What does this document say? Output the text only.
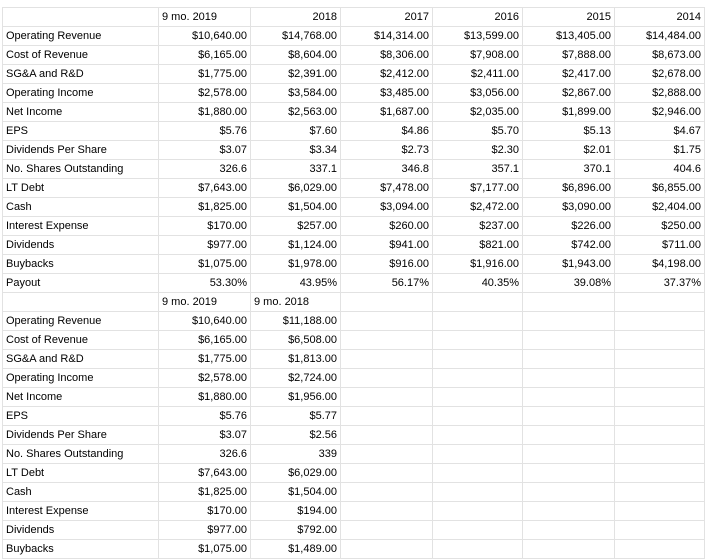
	9 mo. 2019	2018	2017	2016	2015	2014
Operating Revenue	$10,640.00	$14,768.00	$14,314.00	$13,599.00	$13,405.00	$14,484.00
Cost of Revenue	$6,165.00	$8,604.00	$8,306.00	$7,908.00	$7,888.00	$8,673.00
SG&A and R&D	$1,775.00	$2,391.00	$2,412.00	$2,411.00	$2,417.00	$2,678.00
Operating Income	$2,578.00	$3,584.00	$3,485.00	$3,056.00	$2,867.00	$2,888.00
Net Income	$1,880.00	$2,563.00	$1,687.00	$2,035.00	$1,899.00	$2,946.00
EPS	$5.76	$7.60	$4.86	$5.70	$5.13	$4.67
Dividends Per Share	$3.07	$3.34	$2.73	$2.30	$2.01	$1.75
No. Shares Outstanding	326.6	337.1	346.8	357.1	370.1	404.6
LT Debt	$7,643.00	$6,029.00	$7,478.00	$7,177.00	$6,896.00	$6,855.00
Cash	$1,825.00	$1,504.00	$3,094.00	$2,472.00	$3,090.00	$2,404.00
Interest Expense	$170.00	$257.00	$260.00	$237.00	$226.00	$250.00
Dividends	$977.00	$1,124.00	$941.00	$821.00	$742.00	$711.00
Buybacks	$1,075.00	$1,978.00	$916.00	$1,916.00	$1,943.00	$4,198.00
Payout	53.30%	43.95%	56.17%	40.35%	39.08%	37.37%
	9 mo. 2019	9 mo. 2018				
Operating Revenue	$10,640.00	$11,188.00				
Cost of Revenue	$6,165.00	$6,508.00				
SG&A and R&D	$1,775.00	$1,813.00				
Operating Income	$2,578.00	$2,724.00				
Net Income	$1,880.00	$1,956.00				
EPS	$5.76	$5.77				
Dividends Per Share	$3.07	$2.56				
No. Shares Outstanding	326.6	339				
LT Debt	$7,643.00	$6,029.00				
Cash	$1,825.00	$1,504.00				
Interest Expense	$170.00	$194.00				
Dividends	$977.00	$792.00				
Buybacks	$1,075.00	$1,489.00				
